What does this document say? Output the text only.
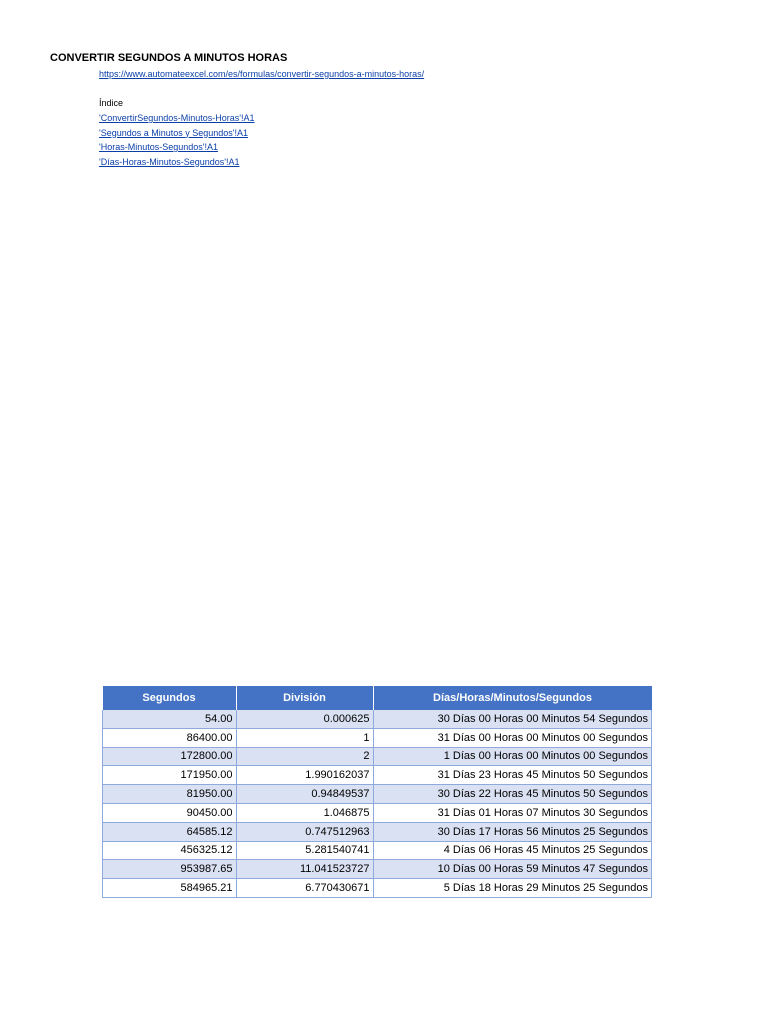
CONVERTIR SEGUNDOS A MINUTOS HORAS
https://www.automateexcel.com/es/formulas/convertir-segundos-a-minutos-horas/
Índice
'ConvertirSegundos-Minutos-Horas'!A1
'Segundos a Minutos y Segundos'!A1
'Horas-Minutos-Segundos'!A1
'Días-Horas-Minutos-Segundos'!A1
Segundos	División	Días/Horas/Minutos/Segundos
54.00	0.000625	30 Días 00 Horas 00 Minutos 54 Segundos
86400.00	1	31 Días 00 Horas 00 Minutos 00 Segundos
172800.00	2	1 Días 00 Horas 00 Minutos 00 Segundos
171950.00	1.990162037	31 Días 23 Horas 45 Minutos 50 Segundos
81950.00	0.94849537	30 Días 22 Horas 45 Minutos 50 Segundos
90450.00	1.046875	31 Días 01 Horas 07 Minutos 30 Segundos
64585.12	0.747512963	30 Días 17 Horas 56 Minutos 25 Segundos
456325.12	5.281540741	4 Días 06 Horas 45 Minutos 25 Segundos
953987.65	11.041523727	10 Días 00 Horas 59 Minutos 47 Segundos
584965.21	6.770430671	5 Días 18 Horas 29 Minutos 25 Segundos
